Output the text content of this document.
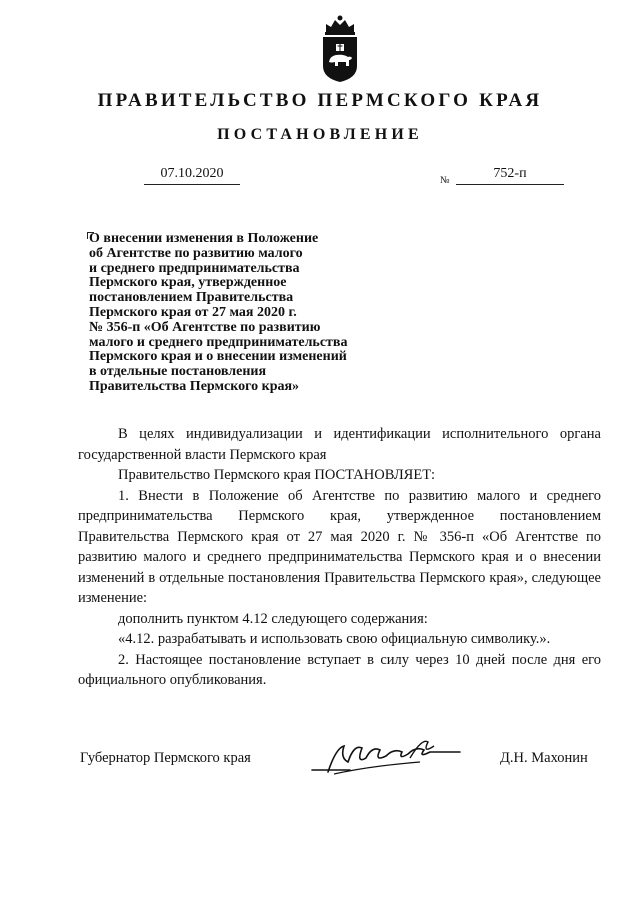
ПРАВИТЕЛЬСТВО ПЕРМСКОГО КРАЯ
ПОСТАНОВЛЕНИЕ
07.10.2020	№	752-п
О внесении изменения в Положение
об Агентстве по развитию малого
и среднего предпринимательства
Пермского края, утвержденное
постановлением Правительства
Пермского края от 27 мая 2020 г.
№ 356-п «Об Агентстве по развитию
малого и среднего предпринимательства
Пермского края и о внесении изменений
в отдельные постановления
Правительства Пермского края»

В целях индивидуализации и идентификации исполнительного органа государственной власти Пермского края

Правительство Пермского края ПОСТАНОВЛЯЕТ:

1. Внести в Положение об Агентстве по развитию малого и среднего предпринимательства Пермского края, утвержденное постановлением Правительства Пермского края от 27 мая 2020 г. № 356-п «Об Агентстве по развитию малого и среднего предпринимательства Пермского края и о внесении изменений в отдельные постановления Правительства Пермского края», следующее изменение:

дополнить пунктом 4.12 следующего содержания:

«4.12. разрабатывать и использовать свою официальную символику.».

2. Настоящее постановление вступает в силу через 10 дней после дня его официального опубликования.

Губернатор Пермского края	Д.Н. Махонин
